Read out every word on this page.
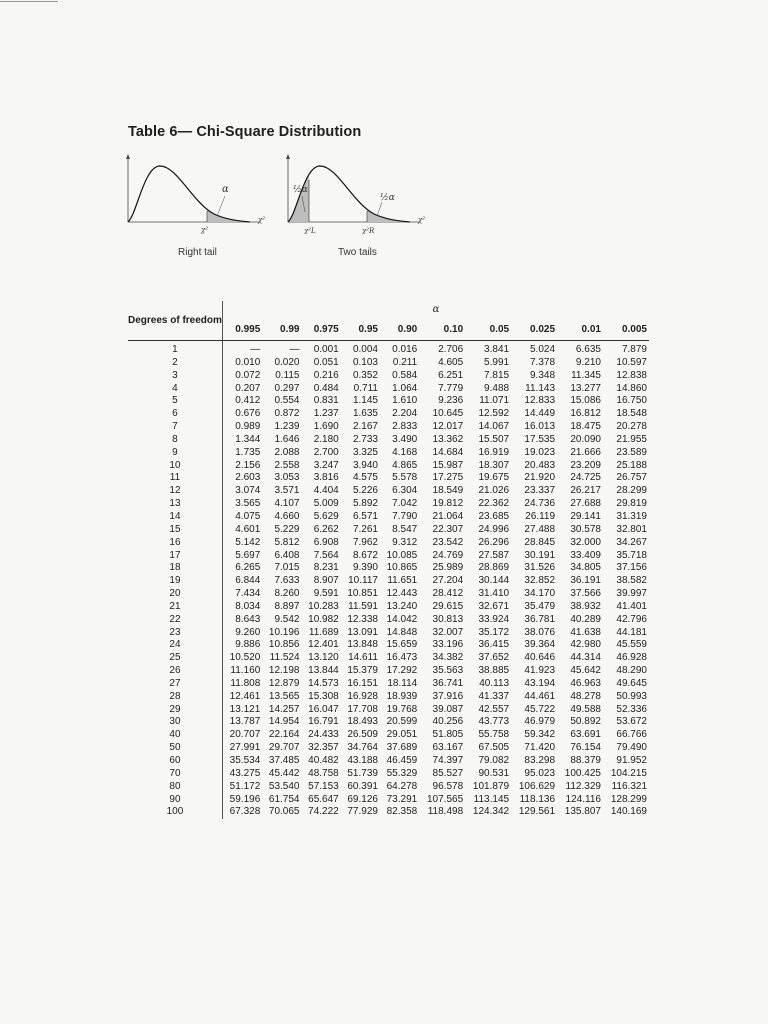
Table 6— Chi-Square Distribution
α
χ²
χ²
Right tail
½α
½α
χ²L	χ²R
χ²
Two tails
Degrees of freedom	α									
	0.995	0.99	0.975	0.95	0.90	0.10	0.05	0.025	0.01	0.005
1	—	—	0.001	0.004	0.016	2.706	3.841	5.024	6.635	7.879
2	0.010	0.020	0.051	0.103	0.211	4.605	5.991	7.378	9.210	10.597
3	0.072	0.115	0.216	0.352	0.584	6.251	7.815	9.348	11.345	12.838
4	0.207	0.297	0.484	0.711	1.064	7.779	9.488	11.143	13.277	14.860
5	0.412	0.554	0.831	1.145	1.610	9.236	11.071	12.833	15.086	16.750
6	0.676	0.872	1.237	1.635	2.204	10.645	12.592	14.449	16.812	18.548
7	0.989	1.239	1.690	2.167	2.833	12.017	14.067	16.013	18.475	20.278
8	1.344	1.646	2.180	2.733	3.490	13.362	15.507	17.535	20.090	21.955
9	1.735	2.088	2.700	3.325	4.168	14.684	16.919	19.023	21.666	23.589
10	2.156	2.558	3.247	3.940	4.865	15.987	18.307	20.483	23.209	25.188
11	2.603	3.053	3.816	4.575	5.578	17.275	19.675	21.920	24.725	26.757
12	3.074	3.571	4.404	5.226	6.304	18.549	21.026	23.337	26.217	28.299
13	3.565	4.107	5.009	5.892	7.042	19.812	22.362	24.736	27.688	29.819
14	4.075	4.660	5.629	6.571	7.790	21.064	23.685	26.119	29.141	31.319
15	4.601	5.229	6.262	7.261	8.547	22.307	24.996	27.488	30.578	32.801
16	5.142	5.812	6.908	7.962	9.312	23.542	26.296	28.845	32.000	34.267
17	5.697	6.408	7.564	8.672	10.085	24.769	27.587	30.191	33.409	35.718
18	6.265	7.015	8.231	9.390	10.865	25.989	28.869	31.526	34.805	37.156
19	6.844	7.633	8.907	10.117	11.651	27.204	30.144	32.852	36.191	38.582
20	7.434	8.260	9.591	10.851	12.443	28.412	31.410	34.170	37.566	39.997
21	8.034	8.897	10.283	11.591	13.240	29.615	32.671	35.479	38.932	41.401
22	8.643	9.542	10.982	12.338	14.042	30.813	33.924	36.781	40.289	42.796
23	9.260	10.196	11.689	13.091	14.848	32.007	35.172	38.076	41.638	44.181
24	9.886	10.856	12.401	13.848	15.659	33.196	36.415	39.364	42.980	45.559
25	10.520	11.524	13.120	14.611	16.473	34.382	37.652	40.646	44.314	46.928
26	11.160	12.198	13.844	15.379	17.292	35.563	38.885	41.923	45.642	48.290
27	11.808	12.879	14.573	16.151	18.114	36.741	40.113	43.194	46.963	49.645
28	12.461	13.565	15.308	16.928	18.939	37.916	41.337	44.461	48.278	50.993
29	13.121	14.257	16.047	17.708	19.768	39.087	42.557	45.722	49.588	52.336
30	13.787	14.954	16.791	18.493	20.599	40.256	43.773	46.979	50.892	53.672
40	20.707	22.164	24.433	26.509	29.051	51.805	55.758	59.342	63.691	66.766
50	27.991	29.707	32.357	34.764	37.689	63.167	67.505	71.420	76.154	79.490
60	35.534	37.485	40.482	43.188	46.459	74.397	79.082	83.298	88.379	91.952
70	43.275	45.442	48.758	51.739	55.329	85.527	90.531	95.023	100.425	104.215
80	51.172	53.540	57.153	60.391	64.278	96.578	101.879	106.629	112.329	116.321
90	59.196	61.754	65.647	69.126	73.291	107.565	113.145	118.136	124.116	128.299
100	67.328	70.065	74.222	77.929	82.358	118.498	124.342	129.561	135.807	140.169
